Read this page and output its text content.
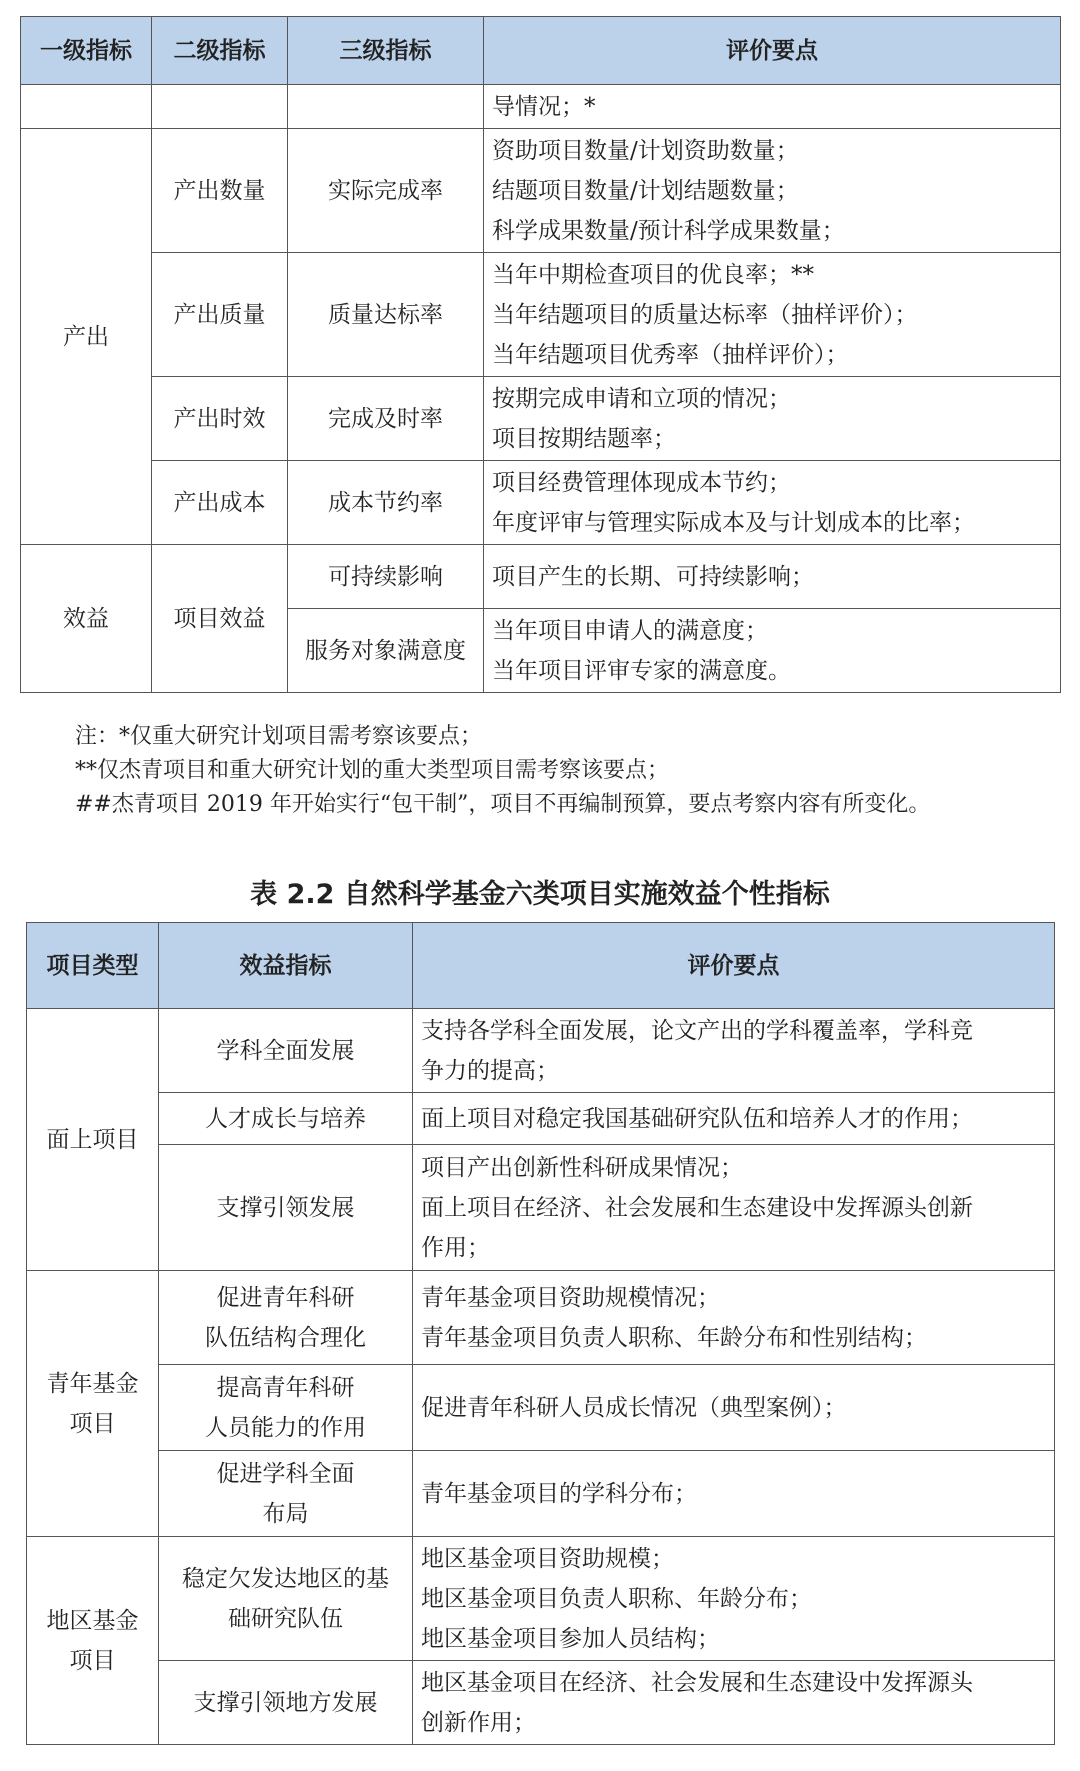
一级指标	二级指标	三级指标	评价要点
			导情况；*
产出	产出数量	实际完成率	资助项目数量/计划资助数量；
结题项目数量/计划结题数量；
科学成果数量/预计科学成果数量；

	产出质量	质量达标率	当年中期检查项目的优良率；**
当年结题项目的质量达标率（抽样评价）；
当年结题项目优秀率（抽样评价）；

	产出时效	完成及时率	按期完成申请和立项的情况；
项目按期结题率；

	产出成本	成本节约率	项目经费管理体现成本节约；
年度评审与管理实际成本及与计划成本的比率；

效益	项目效益	可持续影响	项目产生的长期、可持续影响；

		服务对象满意度	当年项目申请人的满意度；
当年项目评审专家的满意度。
注：*仅重大研究计划项目需考察该要点；
**仅杰青项目和重大研究计划的重大类型项目需考察该要点；
##杰青项目 2019 年开始实行“包干制”，项目不再编制预算，要点考察内容有所变化。
表 2.2 自然科学基金六类项目实施效益个性指标
项目类型	效益指标	评价要点

面上项目	学科全面发展	支持各学科全面发展，论文产出的学科覆盖率，学科竞
争力的提高；

	人才成长与培养	面上项目对稳定我国基础研究队伍和培养人才的作用；

	支撑引领发展	项目产出创新性科研成果情况；
面上项目在经济、社会发展和生态建设中发挥源头创新
作用；

青年基金
项目	促进青年科研
队伍结构合理化	青年基金项目资助规模情况；
青年基金项目负责人职称、年龄分布和性别结构；

	提高青年科研
人员能力的作用	促进青年科研人员成长情况（典型案例）；

	促进学科全面
布局	青年基金项目的学科分布；

地区基金
项目	稳定欠发达地区的基
础研究队伍	地区基金项目资助规模；
地区基金项目负责人职称、年龄分布；
地区基金项目参加人员结构；

	支撑引领地方发展	地区基金项目在经济、社会发展和生态建设中发挥源头
创新作用；
